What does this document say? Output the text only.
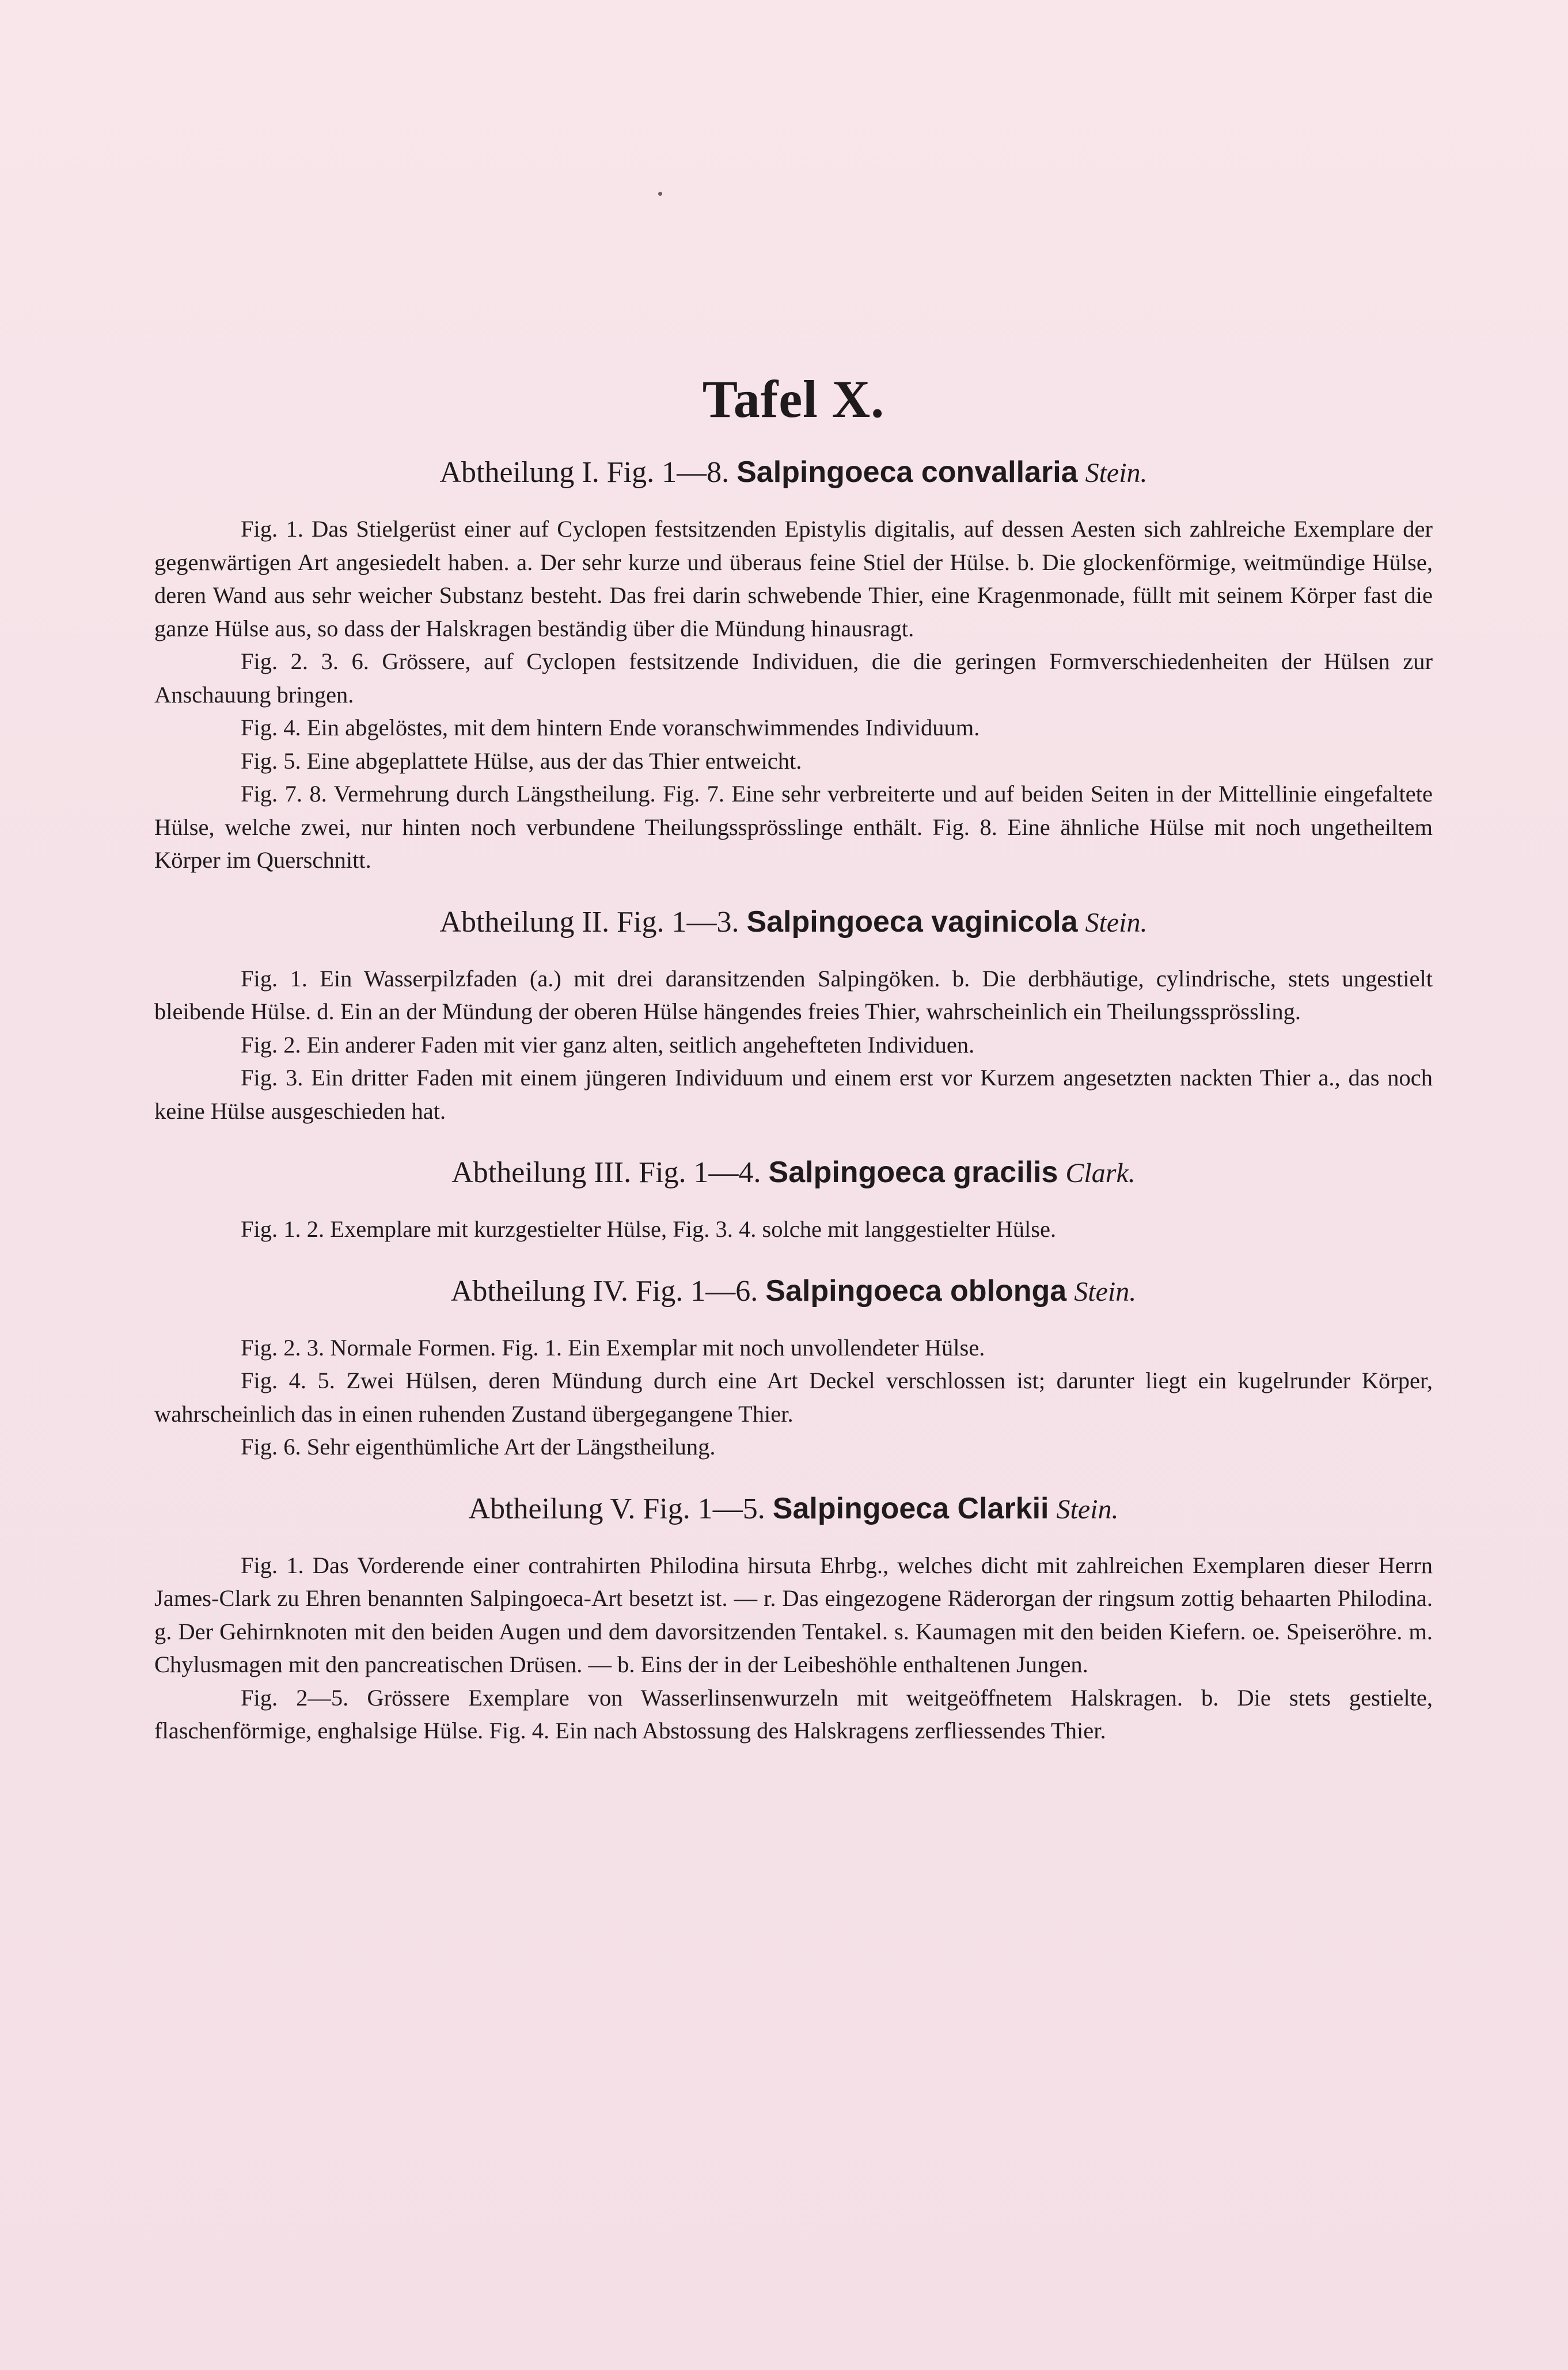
Tafel X.
Abtheilung I. Fig. 1—8. Salpingoeca convallaria Stein.

Fig. 1. Das Stielgerüst einer auf Cyclopen festsitzenden Epistylis digitalis, auf dessen Aesten sich zahlreiche Exemplare der gegenwärtigen Art angesiedelt haben. a. Der sehr kurze und überaus feine Stiel der Hülse. b. Die glockenförmige, weitmündige Hülse, deren Wand aus sehr weicher Substanz besteht. Das frei darin schwebende Thier, eine Kragenmonade, füllt mit seinem Körper fast die ganze Hülse aus, so dass der Halskragen beständig über die Mündung hinausragt.

Fig. 2. 3. 6. Grössere, auf Cyclopen festsitzende Individuen, die die geringen Formverschiedenheiten der Hülsen zur Anschauung bringen.

Fig. 4. Ein abgelöstes, mit dem hintern Ende voranschwimmendes Individuum.

Fig. 5. Eine abgeplattete Hülse, aus der das Thier entweicht.

Fig. 7. 8. Vermehrung durch Längstheilung. Fig. 7. Eine sehr verbreiterte und auf beiden Seiten in der Mittellinie eingefaltete Hülse, welche zwei, nur hinten noch verbundene Theilungssprösslinge enthält. Fig. 8. Eine ähnliche Hülse mit noch ungetheiltem Körper im Querschnitt.

Abtheilung II. Fig. 1—3. Salpingoeca vaginicola Stein.

Fig. 1. Ein Wasserpilzfaden (a.) mit drei daransitzenden Salpingöken. b. Die derbhäutige, cylindrische, stets ungestielt bleibende Hülse. d. Ein an der Mündung der oberen Hülse hängendes freies Thier, wahrscheinlich ein Theilungssprössling.

Fig. 2. Ein anderer Faden mit vier ganz alten, seitlich angehefteten Individuen.

Fig. 3. Ein dritter Faden mit einem jüngeren Individuum und einem erst vor Kurzem angesetzten nackten Thier a., das noch keine Hülse ausgeschieden hat.

Abtheilung III. Fig. 1—4. Salpingoeca gracilis Clark.

Fig. 1. 2. Exemplare mit kurzgestielter Hülse, Fig. 3. 4. solche mit langgestielter Hülse.

Abtheilung IV. Fig. 1—6. Salpingoeca oblonga Stein.

Fig. 2. 3. Normale Formen. Fig. 1. Ein Exemplar mit noch unvollendeter Hülse.

Fig. 4. 5. Zwei Hülsen, deren Mündung durch eine Art Deckel verschlossen ist; darunter liegt ein kugelrunder Körper, wahrscheinlich das in einen ruhenden Zustand übergegangene Thier.

Fig. 6. Sehr eigenthümliche Art der Längstheilung.

Abtheilung V. Fig. 1—5. Salpingoeca Clarkii Stein.

Fig. 1. Das Vorderende einer contrahirten Philodina hirsuta Ehrbg., welches dicht mit zahlreichen Exemplaren dieser Herrn James-Clark zu Ehren benannten Salpingoeca-Art besetzt ist. — r. Das eingezogene Räderorgan der ringsum zottig behaarten Philodina. g. Der Gehirnknoten mit den beiden Augen und dem davorsitzenden Tentakel. s. Kaumagen mit den beiden Kiefern. oe. Speiseröhre. m. Chylusmagen mit den pancreatischen Drüsen. — b. Eins der in der Leibeshöhle enthaltenen Jungen.

Fig. 2—5. Grössere Exemplare von Wasserlinsenwurzeln mit weitgeöffnetem Halskragen. b. Die stets gestielte, flaschenförmige, enghalsige Hülse. Fig. 4. Ein nach Abstossung des Halskragens zerfliessendes Thier.
